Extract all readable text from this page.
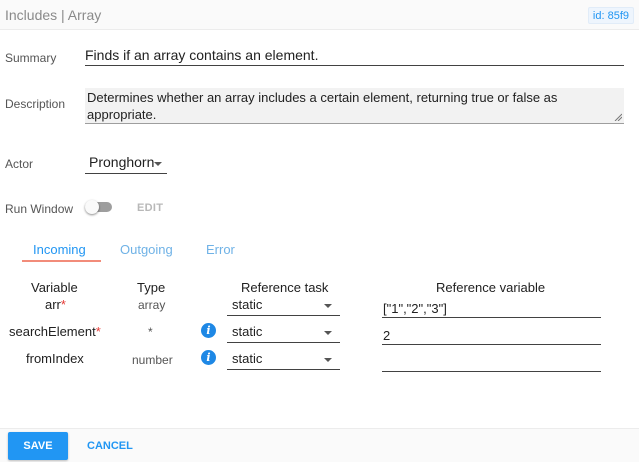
Includes | Array	id: 85f9
Summary Finds if an array contains an element.
Description Determines whether an array includes a certain element, returning true or false as appropriate.
Actor	Pronghorn
Run Window	EDIT
Incoming	Outgoing	Error
Variable	Type	Reference task	Reference variable
arr*	array	static	["1","2","3"]
searchElement*	*	i	static	2
fromIndex	number	i	static
SAVE	CANCEL
